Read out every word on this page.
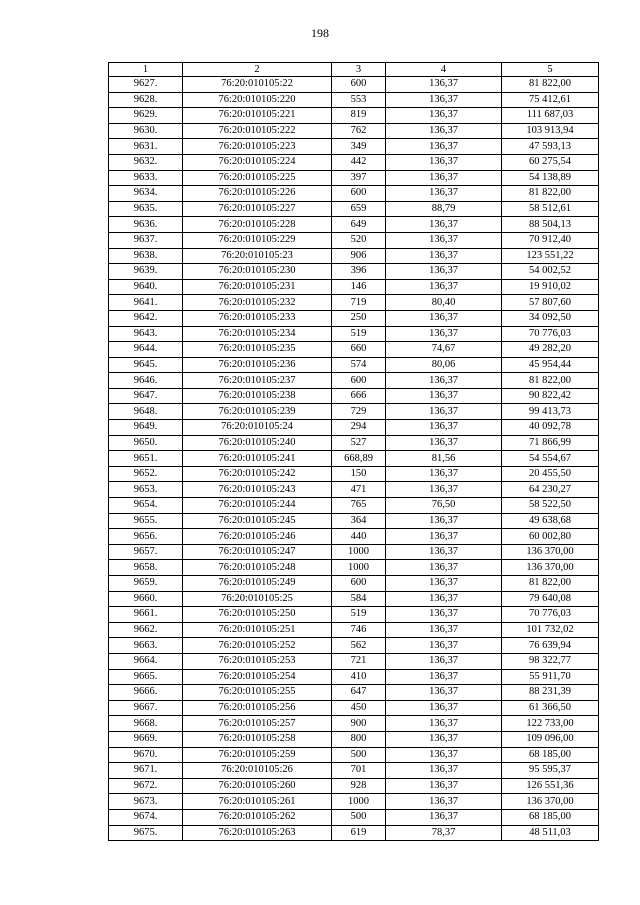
198
1	2	3	4	5
9627.	76:20:010105:22	600	136,37	81 822,00
9628.	76:20:010105:220	553	136,37	75 412,61
9629.	76:20:010105:221	819	136,37	111 687,03
9630.	76:20:010105:222	762	136,37	103 913,94
9631.	76:20:010105:223	349	136,37	47 593,13
9632.	76:20:010105:224	442	136,37	60 275,54
9633.	76:20:010105:225	397	136,37	54 138,89
9634.	76:20:010105:226	600	136,37	81 822,00
9635.	76:20:010105:227	659	88,79	58 512,61
9636.	76:20:010105:228	649	136,37	88 504,13
9637.	76:20:010105:229	520	136,37	70 912,40
9638.	76:20:010105:23	906	136,37	123 551,22
9639.	76:20:010105:230	396	136,37	54 002,52
9640.	76:20:010105:231	146	136,37	19 910,02
9641.	76:20:010105:232	719	80,40	57 807,60
9642.	76:20:010105:233	250	136,37	34 092,50
9643.	76:20:010105:234	519	136,37	70 776,03
9644.	76:20:010105:235	660	74,67	49 282,20
9645.	76:20:010105:236	574	80,06	45 954,44
9646.	76:20:010105:237	600	136,37	81 822,00
9647.	76:20:010105:238	666	136,37	90 822,42
9648.	76:20:010105:239	729	136,37	99 413,73
9649.	76:20:010105:24	294	136,37	40 092,78
9650.	76:20:010105:240	527	136,37	71 866,99
9651.	76:20:010105:241	668,89	81,56	54 554,67
9652.	76:20:010105:242	150	136,37	20 455,50
9653.	76:20:010105:243	471	136,37	64 230,27
9654.	76:20:010105:244	765	76,50	58 522,50
9655.	76:20:010105:245	364	136,37	49 638,68
9656.	76:20:010105:246	440	136,37	60 002,80
9657.	76:20:010105:247	1000	136,37	136 370,00
9658.	76:20:010105:248	1000	136,37	136 370,00
9659.	76:20:010105:249	600	136,37	81 822,00
9660.	76:20:010105:25	584	136,37	79 640,08
9661.	76:20:010105:250	519	136,37	70 776,03
9662.	76:20:010105:251	746	136,37	101 732,02
9663.	76:20:010105:252	562	136,37	76 639,94
9664.	76:20:010105:253	721	136,37	98 322,77
9665.	76:20:010105:254	410	136,37	55 911,70
9666.	76:20:010105:255	647	136,37	88 231,39
9667.	76:20:010105:256	450	136,37	61 366,50
9668.	76:20:010105:257	900	136,37	122 733,00
9669.	76:20:010105:258	800	136,37	109 096,00
9670.	76:20:010105:259	500	136,37	68 185,00
9671.	76:20:010105:26	701	136,37	95 595,37
9672.	76:20:010105:260	928	136,37	126 551,36
9673.	76:20:010105:261	1000	136,37	136 370,00
9674.	76:20:010105:262	500	136,37	68 185,00
9675.	76:20:010105:263	619	78,37	48 511,03
